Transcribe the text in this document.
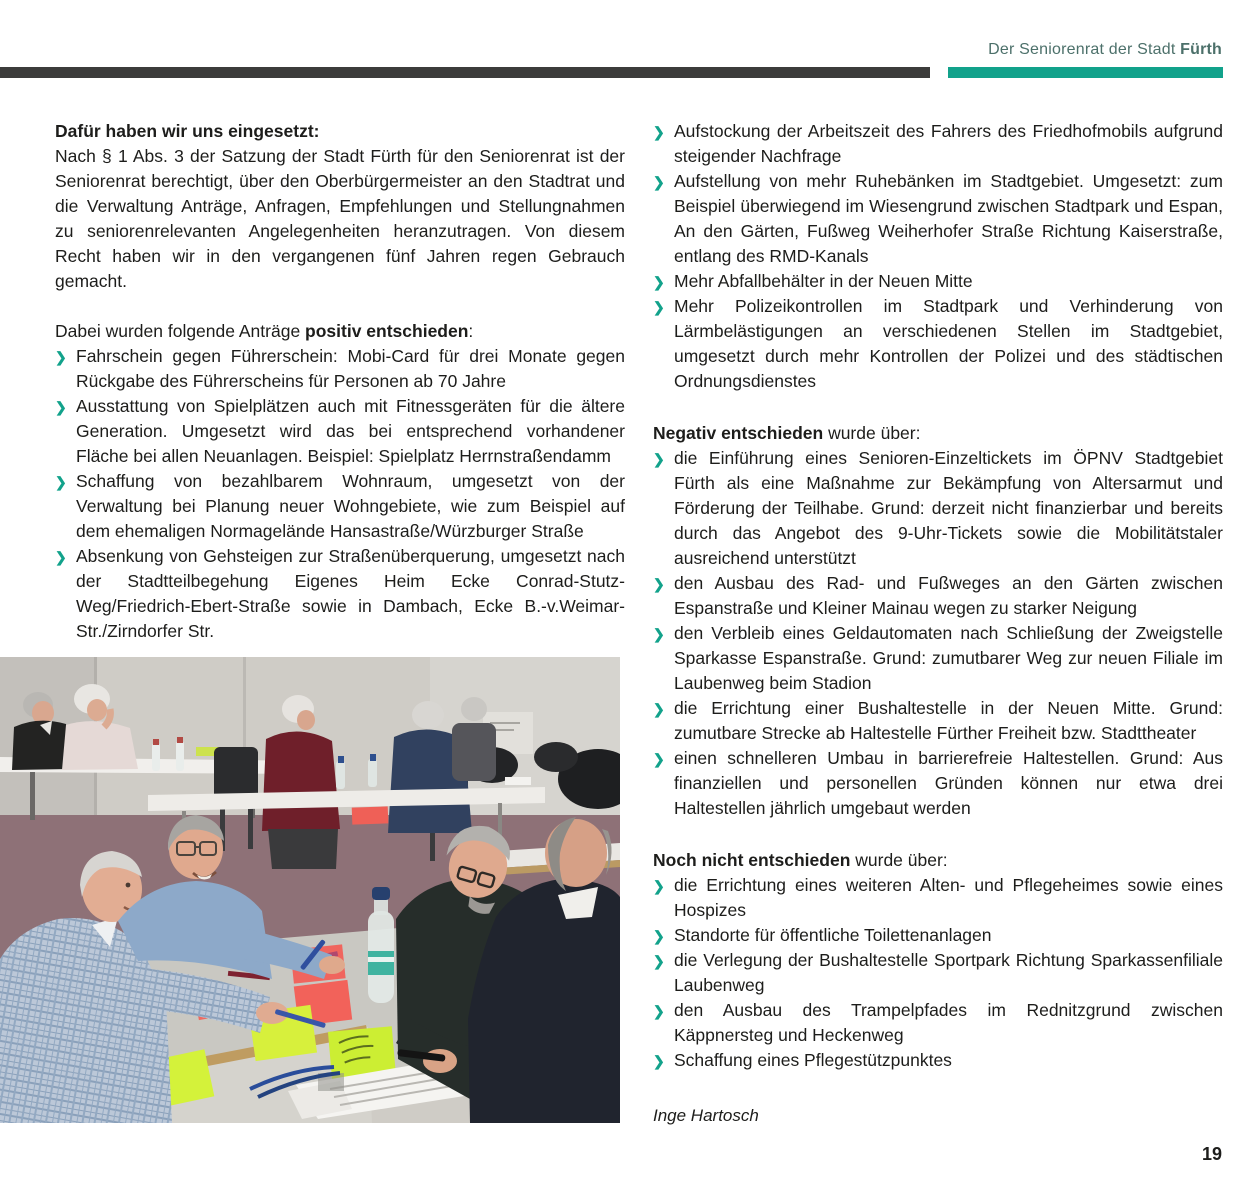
Der Seniorenrat der Stadt Fürth

Dafür haben wir uns eingesetzt:

Nach § 1 Abs. 3 der Satzung der Stadt Fürth für den Seniorenrat ist der Seniorenrat berechtigt, über den Oberbürgermeister an den Stadtrat und die Verwaltung Anträge, Anfragen, Empfehlungen und Stellungnahmen zu seniorenrelevanten Angelegenheiten heranzutragen. Von diesem Recht haben wir in den vergangenen fünf Jahren regen Gebrauch gemacht.

Dabei wurden folgende Anträge positiv entschieden:

❯ Fahrschein gegen Führerschein: Mobi-Card für drei Monate gegen Rückgabe des Führerscheins für Personen ab 70 Jahre
❯ Ausstattung von Spielplätzen auch mit Fitnessgeräten für die ältere Generation. Umgesetzt wird das bei entsprechend vorhandener Fläche bei allen Neuanlagen. Beispiel: Spielplatz Herrnstraßendamm
❯ Schaffung von bezahlbarem Wohnraum, umgesetzt von der Verwaltung bei Planung neuer Wohngebiete, wie zum Beispiel auf dem ehemaligen Normagelände Hansastraße/Würzburger Straße
❯ Absenkung von Gehsteigen zur Straßenüberquerung, umgesetzt nach der Stadtteilbegehung Eigenes Heim Ecke Conrad-Stutz-Weg/Friedrich-Ebert-Straße sowie in Dambach, Ecke B.-v.Weimar-Str./Zirndorfer Str.
❯ Aufstockung der Arbeitszeit des Fahrers des Friedhofmobils aufgrund steigender Nachfrage
❯ Aufstellung von mehr Ruhebänken im Stadtgebiet. Umgesetzt: zum Beispiel überwiegend im Wiesengrund zwischen Stadtpark und Espan, An den Gärten, Fußweg Weiherhofer Straße Richtung Kaiserstraße, entlang des RMD-Kanals
❯ Mehr Abfallbehälter in der Neuen Mitte
❯ Mehr Polizeikontrollen im Stadtpark und Verhinderung von Lärmbelästigungen an verschiedenen Stellen im Stadtgebiet, umgesetzt durch mehr Kontrollen der Polizei und des städtischen Ordnungsdienstes

Negativ entschieden wurde über:

❯ die Einführung eines Senioren-Einzeltickets im ÖPNV Stadtgebiet Fürth als eine Maßnahme zur Bekämpfung von Altersarmut und Förderung der Teilhabe. Grund: derzeit nicht finanzierbar und bereits durch das Angebot des 9-Uhr-Tickets sowie die Mobilitätstaler ausreichend unterstützt
❯ den Ausbau des Rad- und Fußweges an den Gärten zwischen Espanstraße und Kleiner Mainau wegen zu starker Neigung
❯ den Verbleib eines Geldautomaten nach Schließung der Zweigstelle Sparkasse Espanstraße. Grund: zumutbarer Weg zur neuen Filiale im Laubenweg beim Stadion
❯ die Errichtung einer Bushaltestelle in der Neuen Mitte. Grund: zumutbare Strecke ab Haltestelle Fürther Freiheit bzw. Stadttheater
❯ einen schnelleren Umbau in barrierefreie Haltestellen. Grund: Aus finanziellen und personellen Gründen können nur etwa drei Haltestellen jährlich umgebaut werden

Noch nicht entschieden wurde über:

❯ die Errichtung eines weiteren Alten- und Pflegeheimes sowie eines Hospizes
❯ Standorte für öffentliche Toilettenanlagen
❯ die Verlegung der Bushaltestelle Sportpark Richtung Sparkassenfiliale Laubenweg
❯ den Ausbau des Trampelpfades im Rednitzgrund zwischen Käppnersteg und Heckenweg
❯ Schaffung eines Pflegestützpunktes

Inge Hartosch

19
